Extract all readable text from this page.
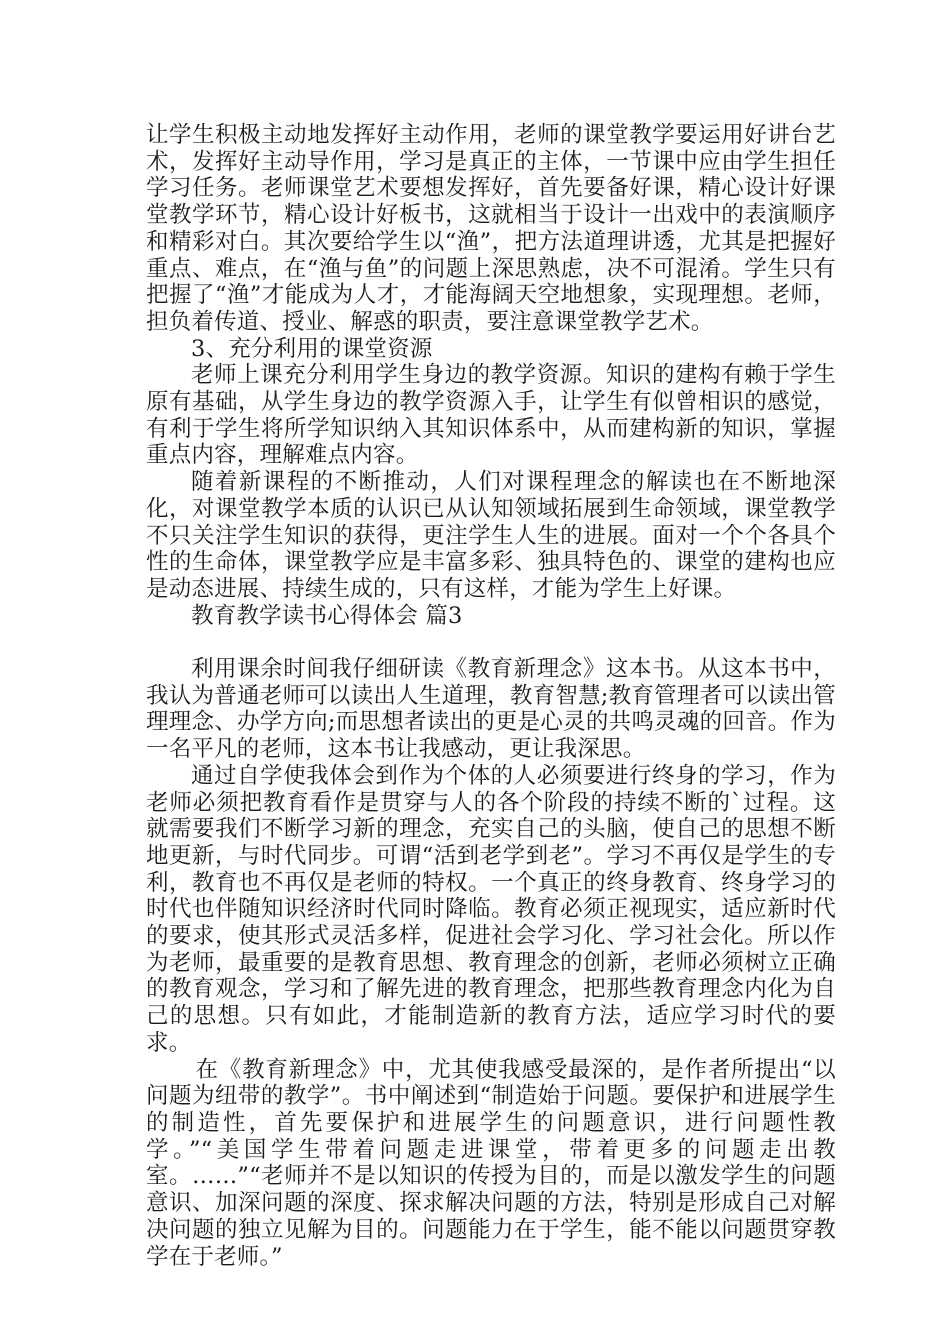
让学生积极主动地发挥好主动作用，老师的课堂教学要运用好讲台艺术，发挥好主动导作用，学习是真正的主体，一节课中应由学生担任学习任务。老师课堂艺术要想发挥好，首先要备好课，精心设计好课堂教学环节，精心设计好板书，这就相当于设计一出戏中的表演顺序和精彩对白。其次要给学生以“渔”，把方法道理讲透，尤其是把握好重点、难点，在“渔与鱼”的问题上深思熟虑，决不可混淆。学生只有把握了“渔”才能成为人才，才能海阔天空地想象，实现理想。老师，担负着传道、授业、解惑的职责，要注意课堂教学艺术。

3、充分利用的课堂资源

老师上课充分利用学生身边的教学资源。知识的建构有赖于学生原有基础，从学生身边的教学资源入手，让学生有似曾相识的感觉，有利于学生将所学知识纳入其知识体系中，从而建构新的知识，掌握重点内容，理解难点内容。

随着新课程的不断推动，人们对课程理念的解读也在不断地深化，对课堂教学本质的认识已从认知领域拓展到生命领域，课堂教学不只关注学生知识的获得，更注学生人生的进展。面对一个个各具个性的生命体，课堂教学应是丰富多彩、独具特色的、课堂的建构也应是动态进展、持续生成的，只有这样，才能为学生上好课。

教育教学读书心得体会 篇3

利用课余时间我仔细研读《教育新理念》这本书。从这本书中，我认为普通老师可以读出人生道理，教育智慧;教育管理者可以读出管理理念、办学方向;而思想者读出的更是心灵的共鸣灵魂的回音。作为一名平凡的老师，这本书让我感动，更让我深思。

通过自学使我体会到作为个体的人必须要进行终身的学习，作为老师必须把教育看作是贯穿与人的各个阶段的持续不断的`过程。这就需要我们不断学习新的理念，充实自己的头脑，使自己的思想不断地更新，与时代同步。可谓“活到老学到老”。学习不再仅是学生的专利，教育也不再仅是老师的特权。一个真正的终身教育、终身学习的时代也伴随知识经济时代同时降临。教育必须正视现实，适应新时代的要求，使其形式灵活多样，促进社会学习化、学习社会化。所以作为老师，最重要的是教育思想、教育理念的创新，老师必须树立正确的教育观念，学习和了解先进的教育理念，把那些教育理念内化为自己的思想。只有如此，才能制造新的教育方法，适应学习时代的要求。

在《教育新理念》中，尤其使我感受最深的，是作者所提出“以问题为纽带的教学”。书中阐述到“制造始于问题。要保护和进展学生的制造性，首先要保护和进展学生的问题意识，进行问题性教学。”“美国学生带着问题走进课堂，带着更多的问题走出教室。……”“老师并不是以知识的传授为目的，而是以激发学生的问题意识、加深问题的深度、探求解决问题的方法，特别是形成自己对解决问题的独立见解为目的。问题能力在于学生，能不能以问题贯穿教学在于老师。”
